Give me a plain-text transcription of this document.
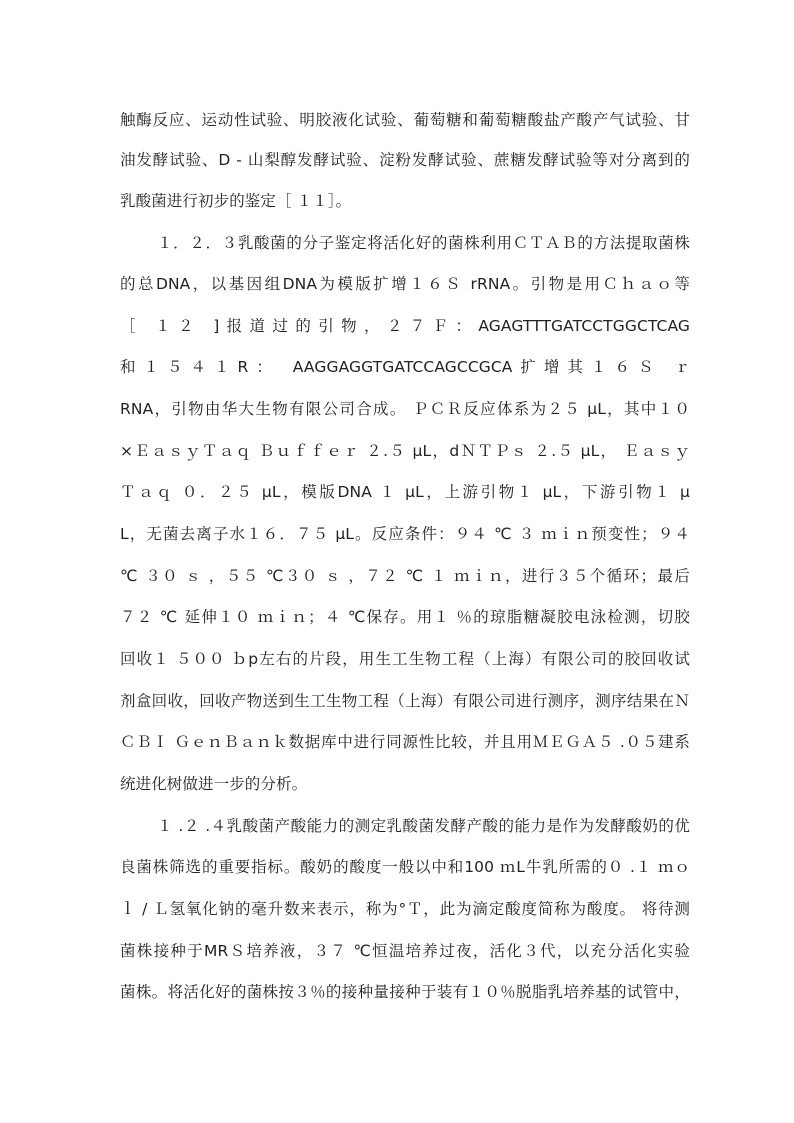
触酶反应、运动性试验、明胶液化试验、葡萄糖和葡萄糖酸盐产酸产气试验、甘
油发酵试验、D - 山梨醇发酵试验、淀粉发酵试验、蔗糖发酵试验等对分离到的
乳酸菌进行初步的鉴定［ １１］。
１．２．３乳酸菌的分子鉴定将活化好的菌株利用ＣＴＡＢ的方法提取菌株
的总DNA，以基因组DNA为模版扩增１６Ｓ rRNA。引物是用Ｃｈａｏ等
［ １２ ]报道过的引物，２７Ｆ：AGAGTTTGATCCTGGCTCAG
和１５４１R： AAGGAGGTGATCCAGCCGCA扩增其１６Ｓ ｒ
RNA，引物由华大生物有限公司合成。 ＰＣＲ反应体系为２５ μL，其中１０
×ＥａｓｙＴａｑ Ｂｕｆｆｅｒ ２.５ μL，dＮＴＰｓ ２.５ μL， Ｅａｓｙ
Ｔａｑ ０．２５ μL，模版DNA １ μL，上游引物１ μL，下游引物１ μ
L，无菌去离子水１６．７５ μL。反应条件：９４ ℃ ３ ｍｉｎ预变性；９４
℃ ３０ ｓ ，５５ ℃３０ ｓ ，７２ ℃ １ ｍｉｎ，进行３５个循环；最后
７２ ℃ 延伸１０ ｍｉｎ；４ ℃保存。用１ ％的琼脂糖凝胶电泳检测，切胶
回收１ ５００ ｂp左右的片段，用生工生物工程（上海）有限公司的胶回收试
剂盒回收，回收产物送到生工生物工程（上海）有限公司进行测序，测序结果在Ｎ
ＣＢＩ ＧｅｎＢａｎｋ数据库中进行同源性比较，并且用ＭＥＧＡ５ .０５建系
统进化树做进一步的分析。
１ .２ .４乳酸菌产酸能力的测定乳酸菌发酵产酸的能力是作为发酵酸奶的优
良菌株筛选的重要指标。酸奶的酸度一般以中和100 ｍL牛乳所需的０ .１ ｍｏ
ｌ / Ｌ氢氧化钠的毫升数来表示，称为°Ｔ，此为滴定酸度简称为酸度。 将待测
菌株接种于MRＳ培养液，３７ ℃恒温培养过夜，活化３代，以充分活化实验
菌株。将活化好的菌株按３％的接种量接种于装有１０％脱脂乳培养基的试管中，
